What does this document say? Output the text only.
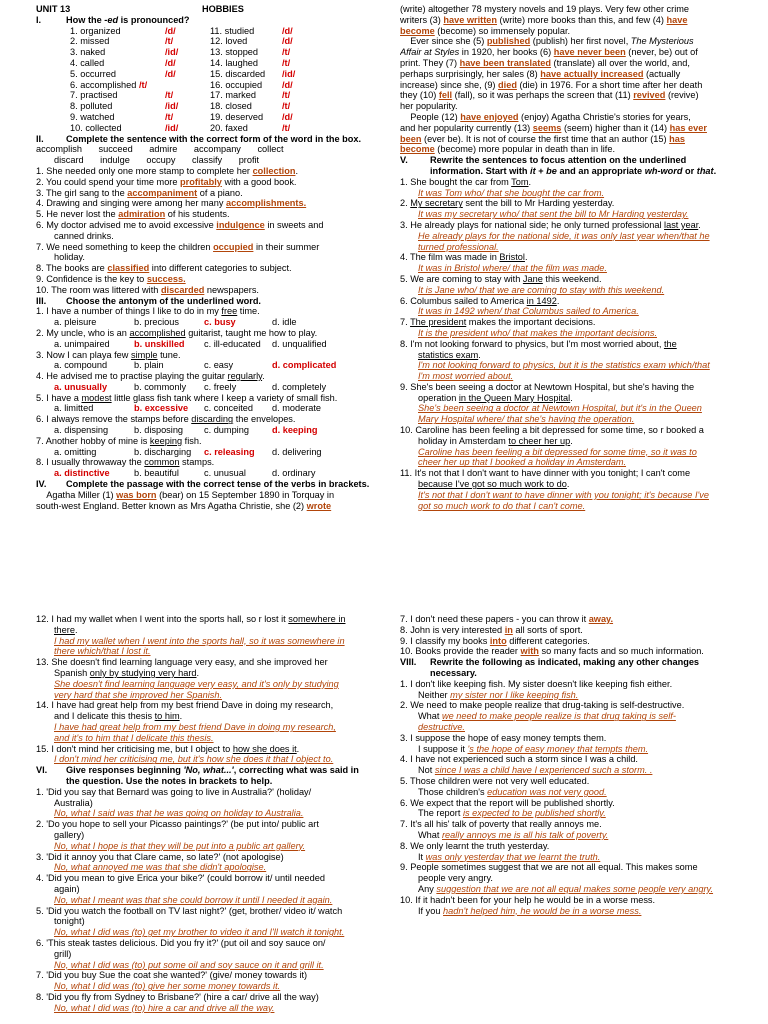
UNIT 13	HOBBIES
I.	How the -ed is pronounced?
1. organized	/d/	11. studied	/d/
2. missed	/t/	12. loved	/d/
3. naked	/id/	13. stopped	/t/
4. called	/d/	14. laughed	/t/
5. occurred	/d/	15. discarded	/id/
6. accomplished /t/	16. occupied	/d/
7. practised	/t/	17. marked	/t/
8. polluted	/id/	18. closed	/t/
9. watched	/t/	19. deserved	/d/
10. collected	/id/	20. faxed	/t/
II.	Complete the sentence with the correct form of the word in the box.
accomplish succeed admire accompany collect
discard indulge occupy classify profit
1. She needed only one more stamp to complete her collection.
2. You could spend your time more profitably with a good book.
3. The girl sang to the accompaniment of a piano.
4. Drawing and singing were among her many accomplishments.
5. He never lost the admiration of his students.
6. My doctor advised me to avoid excessive indulgence in sweets and
canned drinks.
7. We need something to keep the children occupied in their summer
holiday.
8. The books are classified into different categories to subject.
9. Confidence is the key to success.
10. The room was littered with discarded newspapers.
III.	Choose the antonym of the underlined word.
1. I have a number of things I like to do in my free time.
a. pleisure	b. precious	c. busy	d. idle
2. My uncle, who is an accomplished guitarist, taught me how to play.
a. unimpaired	b. unskilled	c. ill-educated	d. unqualified
3. Now I can playa few simple tune.
a. compound	b. plain	c. easy	d. complicated
4. He advised me to practise playing the guitar regularly.
a. unusually	b. commonly	c. freely	d. completely
5. I have a modest little glass fish tank where I keep a variety of small fish.
a. limitted	b. excessive	c. conceited	d. moderate
6. I always remove the stamps before discarding the envelopes.
a. dispensing	b. disposing	c. dumping	d. keeping
7. Another hobby of mine is keeping fish.
a. omitting	b. discharging	c. releasing	d. delivering
8. I usually throwaway the common stamps.
a. distinctive	b. beautiful	c. unusual	d. ordinary
IV.	Complete the passage with the correct tense of the verbs in brackets.
Agatha Miller (1) was born (bear) on 15 September 1890 in Torquay in
south-west England. Better known as Mrs Agatha Christie, she (2) wrote
(write) altogether 78 mystery novels and 19 plays. Very few other crime
writers (3) have written (write) more books than this, and few (4) have
become (become) so immensely popular.
Ever since she (5) published (publish) her first novel, The Mysterious
Affair at Styles in 1920, her books (6) have never been (never, be) out of
print. They (7) have been translated (translate) all over the world, and,
perhaps surprisingly, her sales (8) have actually increased (actually
increase) since she, (9) died (die) in 1976. For a short time after her death
they (10) fell (fall), so it was perhaps the screen that (11) revived (revive)
her popularity.
People (12) have enjoyed (enjoy) Agatha Christie's stories for years,
and her popularity currently (13) seems (seem) higher than it (14) has ever
been (ever be). It is not of course the first time that an author (15) has
become (become) more popular in death than in life.
V.	Rewrite the sentences to focus attention on the underlined information. Start with it + be and an appropriate wh-word or that.
1. She bought the car from Tom.
It was Tom who/ that she bought the car from.
2. My secretary sent the bill to Mr Harding yesterday.
It was my secretary who/ that sent the bill to Mr Harding yesterday.
3. He already plays for national side; he only turned professional last year.
He already plays for the national side, it was only last year when/that he
turned professional.
4. The film was made in Bristol.
It was in Bristol where/ that the film was made.
5. We are coming to stay with Jane this weekend.
It is Jane who/ that we are coming to stay with this weekend.
6. Columbus sailed to America in 1492.
It was in 1492 when/ that Columbus sailed to America.
7. The president makes the important decisions.
It is the president who/ that makes the important decisions.
8. I'm not looking forward to physics, but I'm most worried about, the
statistics exam.
I'm not looking forward to physics, but it is the statistics exam which/that
I'm most worried about.
9. She's been seeing a doctor at Newtown Hospital, but she's having the
operation in the Queen Mary Hospital.
She's been seeing a doctor at Newtown Hospital, but it's in the Queen
Mary Hospital where/ that she's having the operation.
10. Caroline has been feeling a bit depressed for some time, so r booked a
holiday in Amsterdam to cheer her up.
Caroline has been feeling a bit depressed for some time, so it was to
cheer her up that I booked a holiday in Amsterdam.
11. It's not that I don't want to have dinner with you tonight; I can't come
because I've got so much work to do.
It's not that I don't want to have dinner with you tonight; it's because I've
got so much work to do that I can't come.
12. I had my wallet when I went into the sports hall, so r lost it somewhere in
there.
I had my wallet when I went into the sports hall, so it was somewhere in
there which/that I lost it.
13. She doesn't find learning language very easy, and she improved her
Spanish only by studying very hard.
She doesn't find learning language very easy, and it's only by studying
very hard that she improved her Spanish.
14. I have had great help from my best friend Dave in doing my research,
and I delicate this thesis to him.
I have had great help from my best friend Dave in doing my research,
and it's to him that I delicate this thesis.
15. I don't mind her criticising me, but I object to how she does it.
I don't mind her criticising me, but it's how she does it that I object to.
VI.	Give responses beginning 'No, what...', correcting what was said in the question. Use the notes in brackets to help.
1. 'Did you say that Bernard was going to live in Australia?' (holiday/
Australia)
No, what I said was that he was going on holiday to Australia.
2. 'Do you hope to sell your Picasso paintings?' (be put into/ public art
gallery)
No, what I hope is that they will be put into a public art gallery.
3. 'Did it annoy you that Clare came, so late?' (not apologise)
No, what annoyed me was that she didn't apologise.
4. 'Did you mean to give Erica your bike?' (could borrow it/ until needed
again)
No, what I meant was that she could borrow it until I needed it again.
5. 'Did you watch the football on TV last night?' (get, brother/ video it/ watch
tonight)
No, what I did was (to) get my brother to video it and I'll watch it tonight.
6. 'This steak tastes delicious. Did you fry it?' (put oil and soy sauce on/
grill)
No, what I did was (to) put some oil and soy sauce on it and grill it.
7. 'Did you buy Sue the coat she wanted?' (give/ money towards it)
No, what I did was (to) give her some money towards it.
8. 'Did you fly from Sydney to Brisbane?' (hire a car/ drive all the way)
No, what I did was (to) hire a car and drive all the way.
7. I don't need these papers - you can throw it away.
8. John is very interested in all sorts of sport.
9. I classify my books into different categories.
10. Books provide the reader with so many facts and so much information.
VIII.	Rewrite the following as indicated, making any other changes necessary.
1. I don't like keeping fish. My sister doesn't like keeping fish either.
Neither my sister nor I like keeping fish.
2. We need to make people realize that drug-taking is self-destructive.
What we need to make people realize is that drug taking is self-
destructive.
3. I suppose the hope of easy money tempts them.
I suppose it 's the hope of easy money that tempts them.
4. I have not experienced such a storm since I was a child.
Not since I was a child have I experienced such a storm. .
5. Those children were not very well educated.
Those children's education was not very good.
6. We expect that the report will be published shortly.
The report is expected to be published shortly.
7. It's all his' talk of poverty that really annoys me.
What really annoys me is all his talk of poverty.
8. We only learnt the truth yesterday.
It was only yesterday that we learnt the truth.
9. People sometimes suggest that we are not all equal. This makes some
people very angry.
Any suggestion that we are not all equal makes some people very angry.
10. If it hadn't been for your help he would be in a worse mess.
If you hadn't helped him, he would be in a worse mess.
